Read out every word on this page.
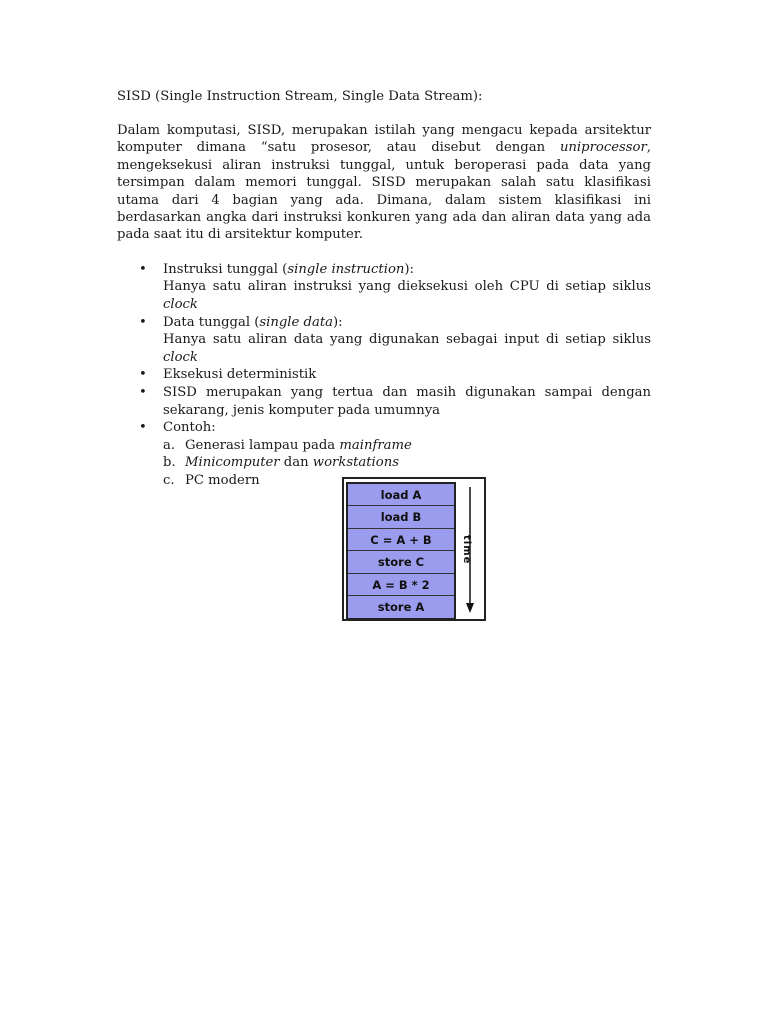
SISD (Single Instruction Stream, Single Data Stream):

Dalam komputasi, SISD, merupakan istilah yang mengacu kepada arsitektur komputer dimana “satu prosesor, atau disebut dengan uniprocessor, mengeksekusi aliran instruksi tunggal, untuk beroperasi pada data yang tersimpan dalam memori tunggal. SISD merupakan salah satu klasifikasi utama dari 4 bagian yang ada. Dimana, dalam sistem klasifikasi ini berdasarkan angka dari instruksi konkuren yang ada dan aliran data yang ada pada saat itu di arsitektur komputer.

• Instruksi tunggal (single instruction):
Hanya satu aliran instruksi yang dieksekusi oleh CPU di setiap siklus clock
• Data tunggal (single data):
Hanya satu aliran data yang digunakan sebagai input di setiap siklus clock
• Eksekusi deterministik
• SISD merupakan yang tertua dan masih digunakan sampai dengan sekarang, jenis komputer pada umumnya
• Contoh:
a. Generasi lampau pada mainframe
b. Minicomputer dan workstations
c. PC modern
load A
load B
C = A + B
store C
A = B * 2
store A
time
